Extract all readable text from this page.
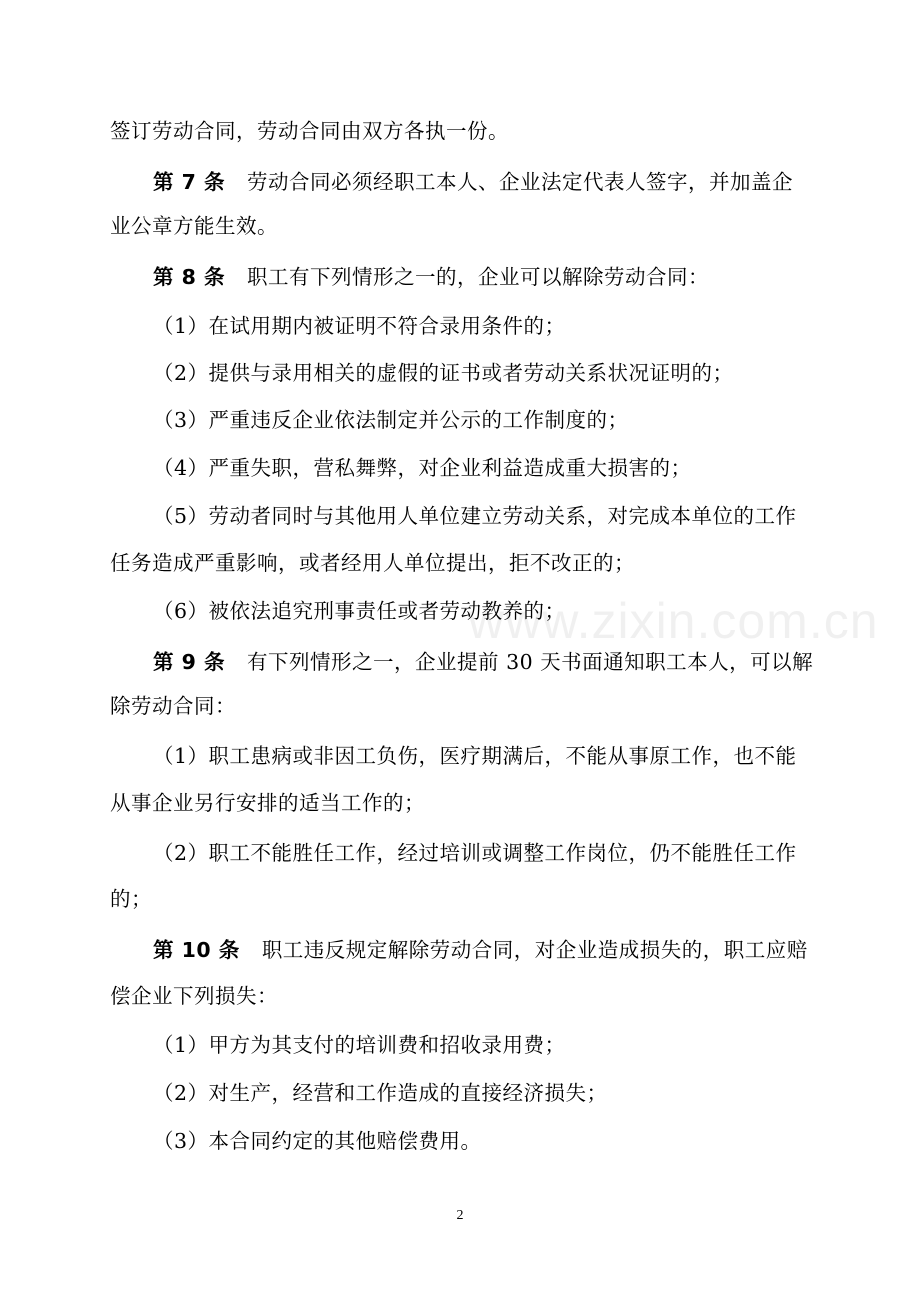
签订劳动合同，劳动合同由双方各执一份。
第 7 条 劳动合同必须经职工本人、企业法定代表人签字，并加盖企
业公章方能生效。
第 8 条 职工有下列情形之一的，企业可以解除劳动合同：
（1）在试用期内被证明不符合录用条件的；
（2）提供与录用相关的虚假的证书或者劳动关系状况证明的；
（3）严重违反企业依法制定并公示的工作制度的；
（4）严重失职，营私舞弊，对企业利益造成重大损害的；
（5）劳动者同时与其他用人单位建立劳动关系，对完成本单位的工作
任务造成严重影响，或者经用人单位提出，拒不改正的；
（6）被依法追究刑事责任或者劳动教养的；
第 9 条 有下列情形之一，企业提前 30 天书面通知职工本人，可以解
除劳动合同：
（1）职工患病或非因工负伤，医疗期满后，不能从事原工作，也不能
从事企业另行安排的适当工作的；
（2）职工不能胜任工作，经过培训或调整工作岗位，仍不能胜任工作
的；
第 10 条 职工违反规定解除劳动合同，对企业造成损失的，职工应赔
偿企业下列损失：
（1）甲方为其支付的培训费和招收录用费；
（2）对生产，经营和工作造成的直接经济损失；
（3）本合同约定的其他赔偿费用。
www.zixin.com.cn
2
